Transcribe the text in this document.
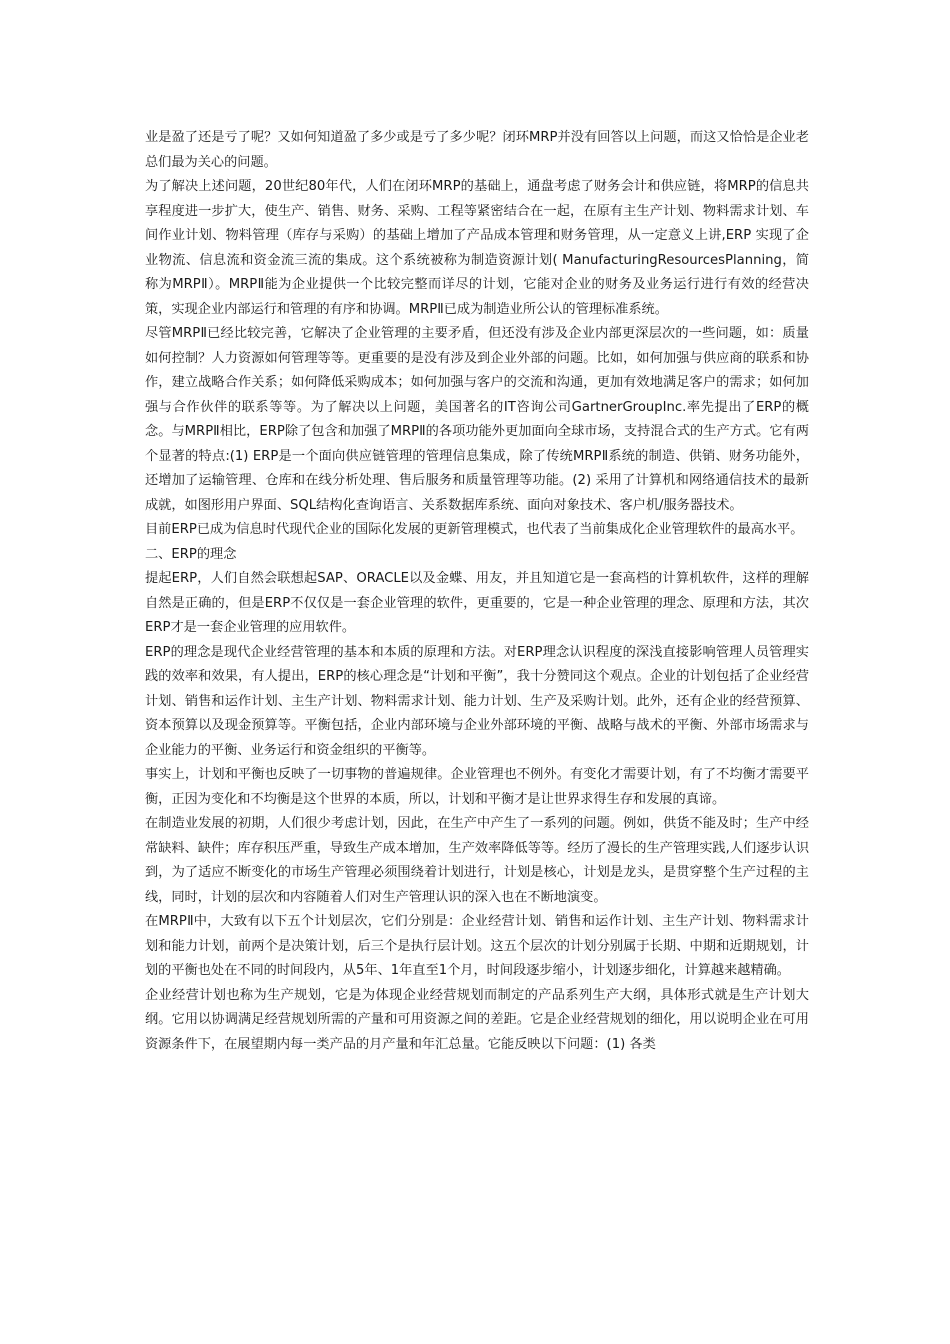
业是盈了还是亏了呢？又如何知道盈了多少或是亏了多少呢？闭环MRP并没有回答以上问题，而这又恰恰是企业老总们最为关心的问题。

为了解决上述问题，20世纪80年代，人们在闭环MRP的基础上，通盘考虑了财务会计和供应链，将MRP的信息共享程度进一步扩大，使生产、销售、财务、采购、工程等紧密结合在一起，在原有主生产计划、物料需求计划、车间作业计划、物料管理（库存与采购）的基础上增加了产品成本管理和财务管理，从一定意义上讲,ERP 实现了企业物流、信息流和资金流三流的集成。这个系统被称为制造资源计划( ManufacturingResourcesPlanning，简称为MRPⅡ）。MRPⅡ能为企业提供一个比较完整而详尽的计划，它能对企业的财务及业务运行进行有效的经营决策，实现企业内部运行和管理的有序和协调。MRPⅡ已成为制造业所公认的管理标准系统。

尽管MRPⅡ已经比较完善，它解决了企业管理的主要矛盾，但还没有涉及企业内部更深层次的一些问题，如：质量如何控制？人力资源如何管理等等。更重要的是没有涉及到企业外部的问题。比如，如何加强与供应商的联系和协作，建立战略合作关系；如何降低采购成本；如何加强与客户的交流和沟通，更加有效地满足客户的需求；如何加强与合作伙伴的联系等等。为了解决以上问题，美国著名的IT咨询公司GartnerGroupInc.率先提出了ERP的概念。与MRPⅡ相比，ERP除了包含和加强了MRPⅡ的各项功能外更加面向全球市场，支持混合式的生产方式。它有两个显著的特点:(1) ERP是一个面向供应链管理的管理信息集成，除了传统MRPⅡ系统的制造、供销、财务功能外，还增加了运输管理、仓库和在线分析处理、售后服务和质量管理等功能。(2) 采用了计算机和网络通信技术的最新成就，如图形用户界面、SQL结构化查询语言、关系数据库系统、面向对象技术、客户机/服务器技术。

目前ERP已成为信息时代现代企业的国际化发展的更新管理模式，也代表了当前集成化企业管理软件的最高水平。

二、ERP的理念

提起ERP，人们自然会联想起SAP、ORACLE以及金蝶、用友，并且知道它是一套高档的计算机软件，这样的理解自然是正确的，但是ERP不仅仅是一套企业管理的软件，更重要的，它是一种企业管理的理念、原理和方法，其次ERP才是一套企业管理的应用软件。

ERP的理念是现代企业经营管理的基本和本质的原理和方法。对ERP理念认识程度的深浅直接影响管理人员管理实践的效率和效果，有人提出，ERP的核心理念是“计划和平衡”，我十分赞同这个观点。企业的计划包括了企业经营计划、销售和运作计划、主生产计划、物料需求计划、能力计划、生产及采购计划。此外，还有企业的经营预算、资本预算以及现金预算等。平衡包括，企业内部环境与企业外部环境的平衡、战略与战术的平衡、外部市场需求与企业能力的平衡、业务运行和资金组织的平衡等。

事实上，计划和平衡也反映了一切事物的普遍规律。企业管理也不例外。有变化才需要计划，有了不均衡才需要平衡，正因为变化和不均衡是这个世界的本质，所以，计划和平衡才是让世界求得生存和发展的真谛。

在制造业发展的初期，人们很少考虑计划，因此，在生产中产生了一系列的问题。例如，供货不能及时；生产中经常缺料、缺件；库存积压严重，导致生产成本增加，生产效率降低等等。经历了漫长的生产管理实践,人们逐步认识到，为了适应不断变化的市场生产管理必须围绕着计划进行，计划是核心，计划是龙头，是贯穿整个生产过程的主线，同时，计划的层次和内容随着人们对生产管理认识的深入也在不断地演变。

在MRPⅡ中，大致有以下五个计划层次，它们分别是：企业经营计划、销售和运作计划、主生产计划、物料需求计划和能力计划，前两个是决策计划，后三个是执行层计划。这五个层次的计划分别属于长期、中期和近期规划，计划的平衡也处在不同的时间段内，从5年、1年直至1个月，时间段逐步缩小，计划逐步细化，计算越来越精确。

企业经营计划也称为生产规划，它是为体现企业经营规划而制定的产品系列生产大纲，具体形式就是生产计划大纲。它用以协调满足经营规划所需的产量和可用资源之间的差距。它是企业经营规划的细化，用以说明企业在可用资源条件下，在展望期内每一类产品的月产量和年汇总量。它能反映以下问题：(1) 各类
